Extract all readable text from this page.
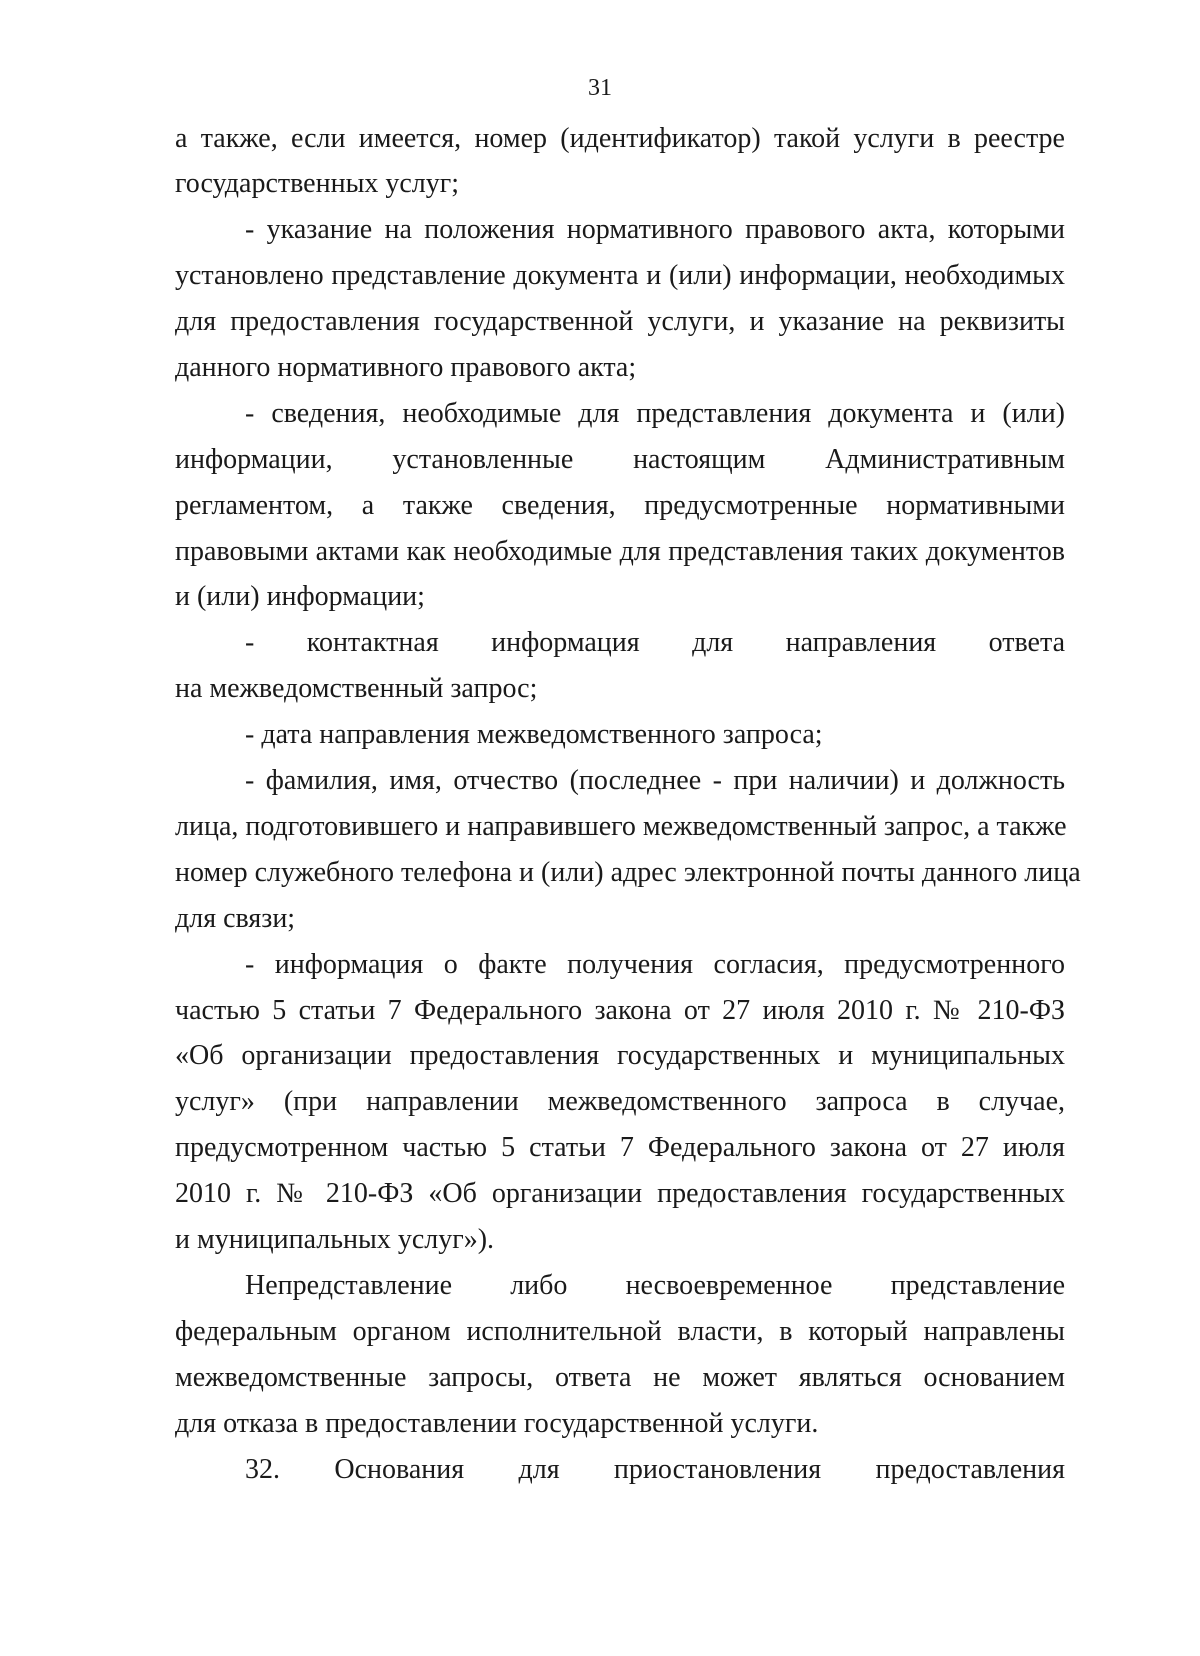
31
а также, если имеется, номер (идентификатор) такой услуги в реестре
государственных услуг;
- указание на положения нормативного правового акта, которыми
установлено представление документа и (или) информации, необходимых
для предоставления государственной услуги, и указание на реквизиты
данного нормативного правового акта;
- сведения, необходимые для представления документа и (или)
информации, установленные настоящим Административным
регламентом, а также сведения, предусмотренные нормативными
правовыми актами как необходимые для представления таких документов
и (или) информации;
- контактная информация для направления ответа
на межведомственный запрос;
- дата направления межведомственного запроса;
- фамилия, имя, отчество (последнее - при наличии) и должность
лица, подготовившего и направившего межведомственный запрос, а также
номер служебного телефона и (или) адрес электронной почты данного лица
для связи;
- информация о факте получения согласия, предусмотренного
частью 5 статьи 7 Федерального закона от 27 июля 2010 г. № 210-ФЗ
«Об организации предоставления государственных и муниципальных
услуг» (при направлении межведомственного запроса в случае,
предусмотренном частью 5 статьи 7 Федерального закона от 27 июля
2010 г. № 210-ФЗ «Об организации предоставления государственных
и муниципальных услуг»).
Непредставление либо несвоевременное представление
федеральным органом исполнительной власти, в который направлены
межведомственные запросы, ответа не может являться основанием
для отказа в предоставлении государственной услуги.
32. Основания для приостановления предоставления
